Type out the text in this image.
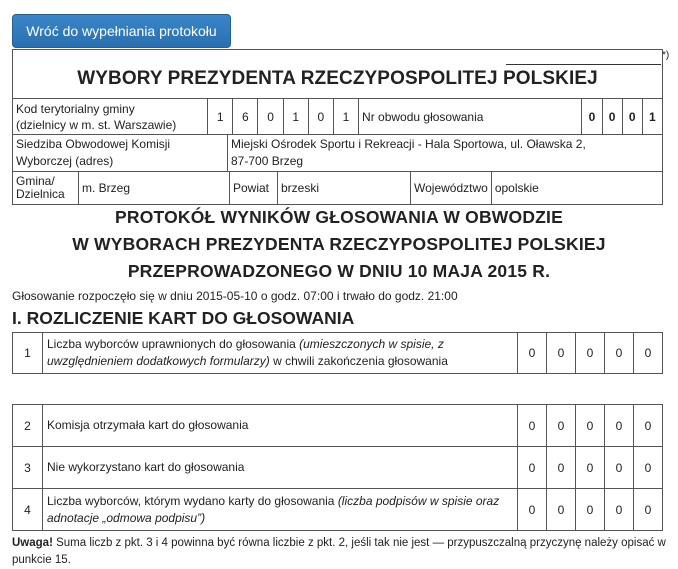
Wróć do wypełniania protokołu
*)
WYBORY PREZYDENTA RZECZYPOSPOLITEJ POLSKIEJ
Kod terytorialny gminy
(dzielnicy w m. st. Warszawie)	1	6	0	1	0	1	Nr obwodu głosowania	0	0	0	1
Siedziba Obwodowej Komisji
Wyborczej (adres)	Miejski Ośrodek Sportu i Rekreacji - Hala Sportowa, ul. Oławska 2,
87-700 Brzeg
Gmina/
Dzielnica	m. Brzeg	Powiat	brzeski	Województwo	opolskie
PROTOKÓŁ WYNIKÓW GŁOSOWANIA W OBWODZIE
W WYBORACH PREZYDENTA RZECZYPOSPOLITEJ POLSKIEJ
PRZEPROWADZONEGO W DNIU 10 MAJA 2015 R.
Głosowanie rozpoczęło się w dniu 2015-05-10 o godz. 07:00 i trwało do godz. 21:00
I. ROZLICZENIE KART DO GŁOSOWANIA
1	Liczba wyborców uprawnionych do głosowania (umieszczonych w spisie, z uwzględnieniem dodatkowych formularzy) w chwili zakończenia głosowania	0	0	0	0	0
2	Komisja otrzymała kart do głosowania	0	0	0	0	0
3	Nie wykorzystano kart do głosowania	0	0	0	0	0
4	Liczba wyborców, którym wydano karty do głosowania (liczba podpisów w spisie oraz adnotacje „odmowa podpisu”)	0	0	0	0	0
Uwaga! Suma liczb z pkt. 3 i 4 powinna być równa liczbie z pkt. 2, jeśli tak nie jest — przypuszczalną przyczynę należy opisać w punkcie 15.
